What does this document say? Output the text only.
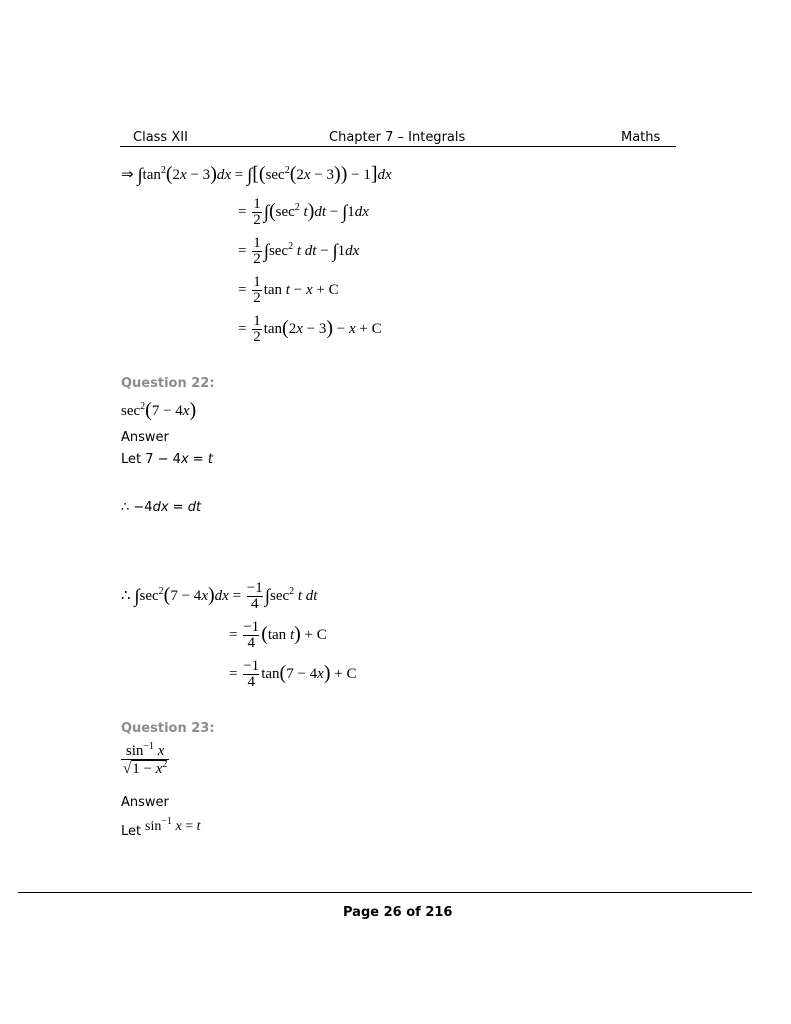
Class XII	Chapter 7 – Integrals	Maths
⇒ $\int\tan^2(2x - 3)dx = \int[(\sec^2(2x - 3)) - 1]dx$
= $\frac{1}{2} \int(\sec^2$ t)dt − ∫1dx
= $\frac{1}{2} \int\sec^2$ t dt − ∫1dx
= $\frac{1}{2}$ tan t − x + C
= $\frac{1}{2} \tan(2x - 3) - x + C$
Question 22:
$\sec^2(7 - 4x)$
Answer
Let 7 − 4x = t
∴ −4dx = dt
∴ $\int\sec^2(7 - 4x)dx = \frac{-1}{4} \int\sec^2$ t dt
= $\frac{-1}{4} (\tan$ t) + C
= $\frac{-1}{4} \tan(7 - 4x) + C$
Question 23:
$\frac{\sin^{-1} x}{√1 - x^2}$
Answer
Let $\sin^{-1} x = t$
Page 26 of 216
